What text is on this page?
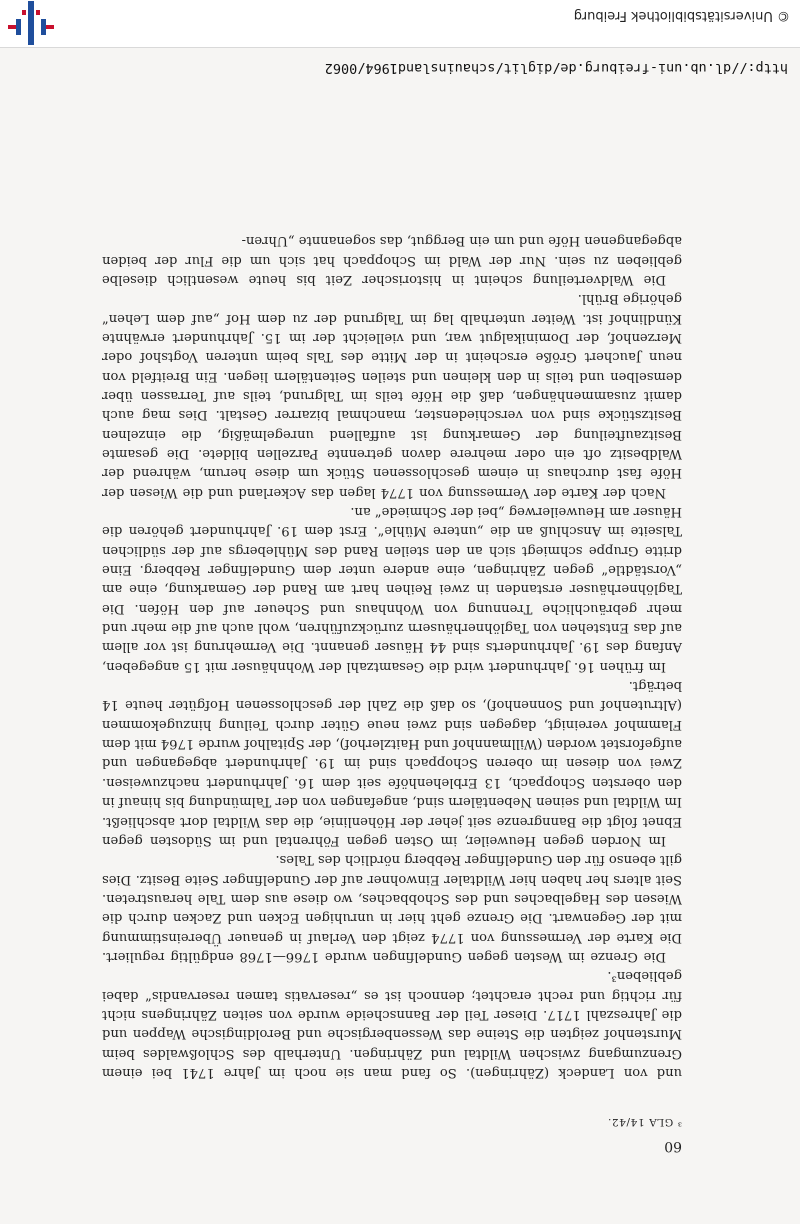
60
³ GLA 14/42.

und von Landeck (Zähringen). So fand man sie noch im Jahre 1741 bei einem Grenzumgang zwischen Wildtal und Zähringen. Unterhalb des Schloßwaldes beim Murstenhof zeigten die Steine das Wessenbergische und Beroldingische Wappen und die Jahreszahl 1717. Dieser Teil der Bannscheide wurde von seiten Zähringens nicht für richtig und recht erachtet; dennoch ist es „reservatis tamen reservandis“ dabei geblieben³.

Die Grenze im Westen gegen Gundelfingen wurde 1766—1768 endgültig reguliert. Die Karte der Vermessung von 1774 zeigt den Verlauf in genauer Übereinstimmung mit der Gegenwart. Die Grenze geht hier in unruhigen Ecken und Zacken durch die Wiesen des Hagelbaches und des Schobbaches, wo diese aus dem Tale heraustreten. Seit alters her haben hier Wildtaler Einwohner auf der Gundelfinger Seite Besitz. Dies gilt ebenso für den Gundelfinger Rebberg nördlich des Tales.

Im Norden gegen Heuweiler, im Osten gegen Föhrental und im Südosten gegen Ebnet folgt die Banngrenze seit jeher der Höhenlinie, die das Wildtal dort abschließt. Im Wildtal und seinen Nebentälern sind, angefangen von der Talmündung bis hinauf in den obersten Schoppach, 13 Erblehenhöfe seit dem 16. Jahrhundert nachzuweisen. Zwei von diesen im oberen Schoppach sind im 19. Jahrhundert abgegangen und aufgeforstet worden (Willmannhof und Haitzlerhof), der Spitalhof wurde 1764 mit dem Flammhof vereinigt, dagegen sind zwei neue Güter durch Teilung hinzugekommen (Altrutenhof und Sonnenhof), so daß die Zahl der geschlossenen Hofgüter heute 14 beträgt.

Im frühen 16. Jahrhundert wird die Gesamtzahl der Wohnhäuser mit 15 angegeben, Anfang des 19. Jahrhunderts sind 44 Häuser genannt. Die Vermehrung ist vor allem auf das Entstehen von Taglöhnerhäusern zurückzuführen, wohl auch auf die mehr und mehr gebräuchliche Trennung von Wohnhaus und Scheuer auf den Höfen. Die Taglöhnerhäuser erstanden in zwei Reihen hart am Rand der Gemarkung, eine am „Vorstädtle“ gegen Zähringen, eine andere unter dem Gundelfinger Rebberg. Eine dritte Gruppe schmiegt sich an den steilen Rand des Mühlebergs auf der südlichen Talseite im Anschluß an die „untere Mühle“. Erst dem 19. Jahrhundert gehören die Häuser am Heuweilerweg „bei der Schmiede“ an.

Nach der Karte der Vermessung von 1774 lagen das Ackerland und die Wiesen der Höfe fast durchaus in einem geschlossenen Stück um diese herum, während der Waldbesitz oft ein oder mehrere davon getrennte Parzellen bildete. Die gesamte Besitzaufteilung der Gemarkung ist auffallend unregelmäßig, die einzelnen Besitzstücke sind von verschiedenster, manchmal bizarrer Gestalt. Dies mag auch damit zusammenhängen, daß die Höfe teils im Talgrund, teils auf Terrassen über demselben und teils in den kleinen und steilen Seitentälern liegen. Ein Breitfeld von neun Jauchert Größe erscheint in der Mitte des Tals beim unteren Vogtshof oder Merzenhof, der Dominikalgut war, und vielleicht der im 15. Jahrhundert erwähnte Kündlinhof ist. Weiter unterhalb lag im Talgrund der zu dem Hof „auf dem Lehen“ gehörige Brühl.

Die Waldverteilung scheint in historischer Zeit bis heute wesentlich dieselbe geblieben zu sein. Nur der Wald im Schoppach hat sich um die Flur der beiden abgegangenen Höfe und um ein Berggut, das sogenannte „Uhren-

http://dl.ub.uni-freiburg.de/diglit/schauinsland1964/0062
© Universitätsbibliothek Freiburg
